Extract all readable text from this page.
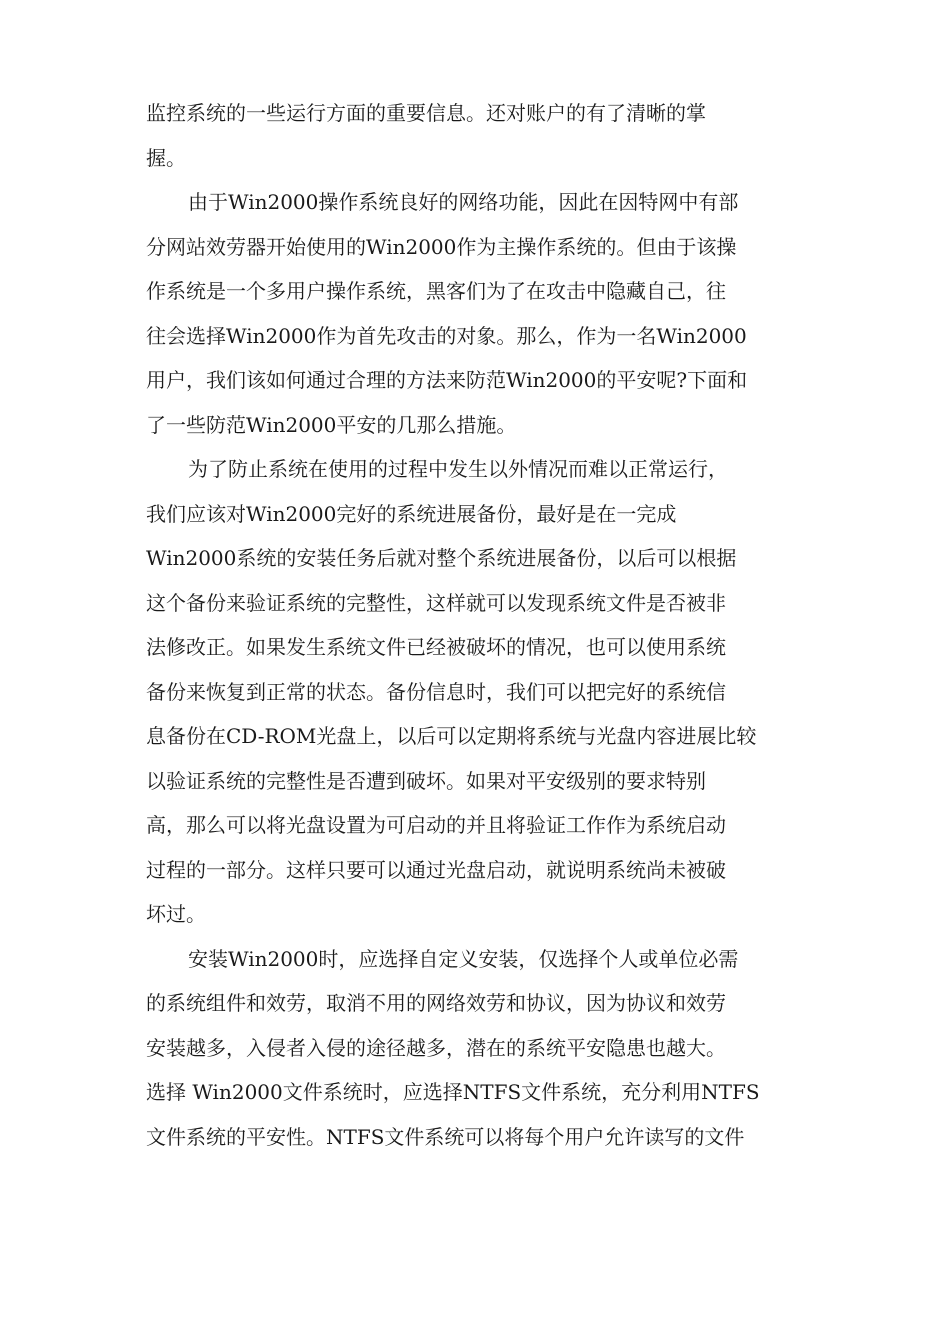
监控系统的一些运行方面的重要信息。还对账户的有了清晰的掌
握。
由于Win2000操作系统良好的网络功能，因此在因特网中有部
分网站效劳器开始使用的Win2000作为主操作系统的。但由于该操
作系统是一个多用户操作系统，黑客们为了在攻击中隐藏自己，往
往会选择Win2000作为首先攻击的对象。那么，作为一名Win2000
用户，我们该如何通过合理的方法来防范Win2000的平安呢?下面和
了一些防范Win2000平安的几那么措施。
为了防止系统在使用的过程中发生以外情况而难以正常运行，
我们应该对Win2000完好的系统进展备份，最好是在一完成
Win2000系统的安装任务后就对整个系统进展备份，以后可以根据
这个备份来验证系统的完整性，这样就可以发现系统文件是否被非
法修改正。如果发生系统文件已经被破坏的情况，也可以使用系统
备份来恢复到正常的状态。备份信息时，我们可以把完好的系统信
息备份在CD-ROM光盘上，以后可以定期将系统与光盘内容进展比较
以验证系统的完整性是否遭到破坏。如果对平安级别的要求特别
高，那么可以将光盘设置为可启动的并且将验证工作作为系统启动
过程的一部分。这样只要可以通过光盘启动，就说明系统尚未被破
坏过。
安装Win2000时，应选择自定义安装，仅选择个人或单位必需
的系统组件和效劳，取消不用的网络效劳和协议，因为协议和效劳
安装越多，入侵者入侵的途径越多，潜在的系统平安隐患也越大。
选择 Win2000文件系统时，应选择NTFS文件系统，充分利用NTFS
文件系统的平安性。NTFS文件系统可以将每个用户允许读写的文件
